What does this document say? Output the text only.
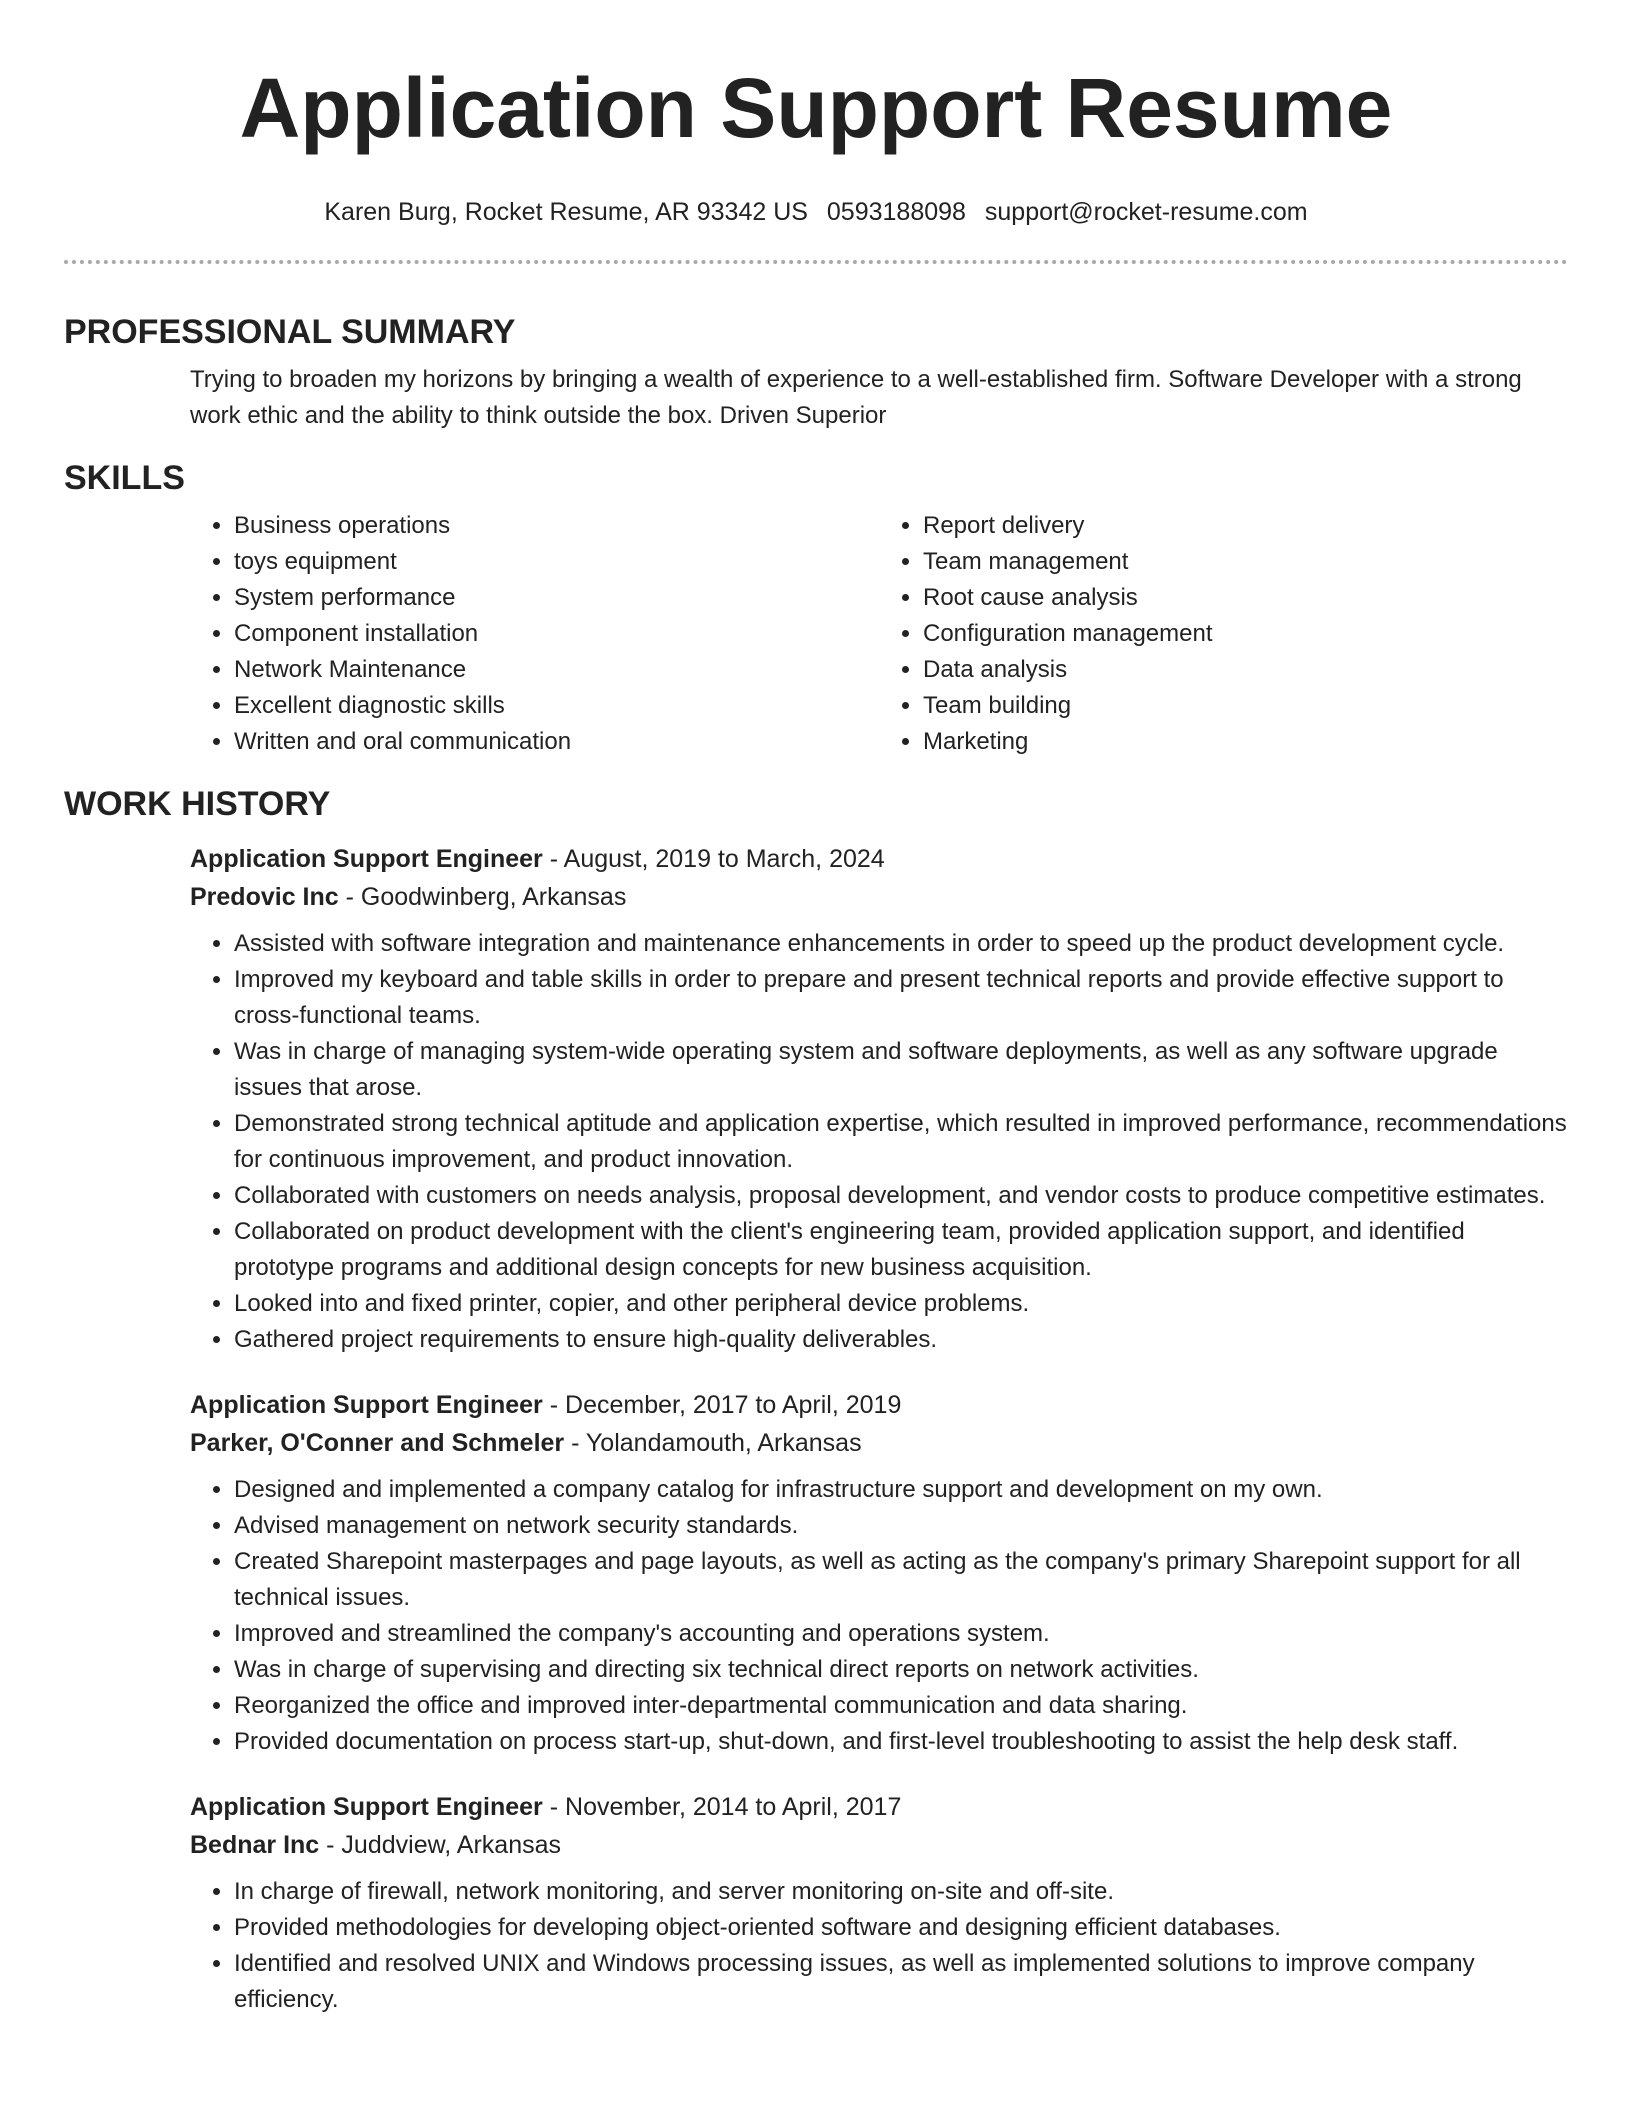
Application Support Resume
Karen Burg, Rocket Resume, AR 93342 US 0593188098 support@rocket-resume.com
PROFESSIONAL SUMMARY

Trying to broaden my horizons by bringing a wealth of experience to a well-established firm. Software Developer with a strong work ethic and the ability to think outside the box. Driven Superior

SKILLS
• Business operations
• toys equipment
• System performance
• Component installation
• Network Maintenance
• Excellent diagnostic skills
• Written and oral communication
• Report delivery
• Team management
• Root cause analysis
• Configuration management
• Data analysis
• Team building
• Marketing
WORK HISTORY
Application Support Engineer - August, 2019 to March, 2024
Predovic Inc - Goodwinberg, Arkansas
• Assisted with software integration and maintenance enhancements in order to speed up the product development cycle.
• Improved my keyboard and table skills in order to prepare and present technical reports and provide effective support to cross-functional teams.
• Was in charge of managing system-wide operating system and software deployments, as well as any software upgrade issues that arose.
• Demonstrated strong technical aptitude and application expertise, which resulted in improved performance, recommendations for continuous improvement, and product innovation.
• Collaborated with customers on needs analysis, proposal development, and vendor costs to produce competitive estimates.
• Collaborated on product development with the client's engineering team, provided application support, and identified prototype programs and additional design concepts for new business acquisition.
• Looked into and fixed printer, copier, and other peripheral device problems.
• Gathered project requirements to ensure high-quality deliverables.
Application Support Engineer - December, 2017 to April, 2019
Parker, O'Conner and Schmeler - Yolandamouth, Arkansas
• Designed and implemented a company catalog for infrastructure support and development on my own.
• Advised management on network security standards.
• Created Sharepoint masterpages and page layouts, as well as acting as the company's primary Sharepoint support for all technical issues.
• Improved and streamlined the company's accounting and operations system.
• Was in charge of supervising and directing six technical direct reports on network activities.
• Reorganized the office and improved inter-departmental communication and data sharing.
• Provided documentation on process start-up, shut-down, and first-level troubleshooting to assist the help desk staff.
Application Support Engineer - November, 2014 to April, 2017
Bednar Inc - Juddview, Arkansas
• In charge of firewall, network monitoring, and server monitoring on-site and off-site.
• Provided methodologies for developing object-oriented software and designing efficient databases.
• Identified and resolved UNIX and Windows processing issues, as well as implemented solutions to improve company efficiency.
